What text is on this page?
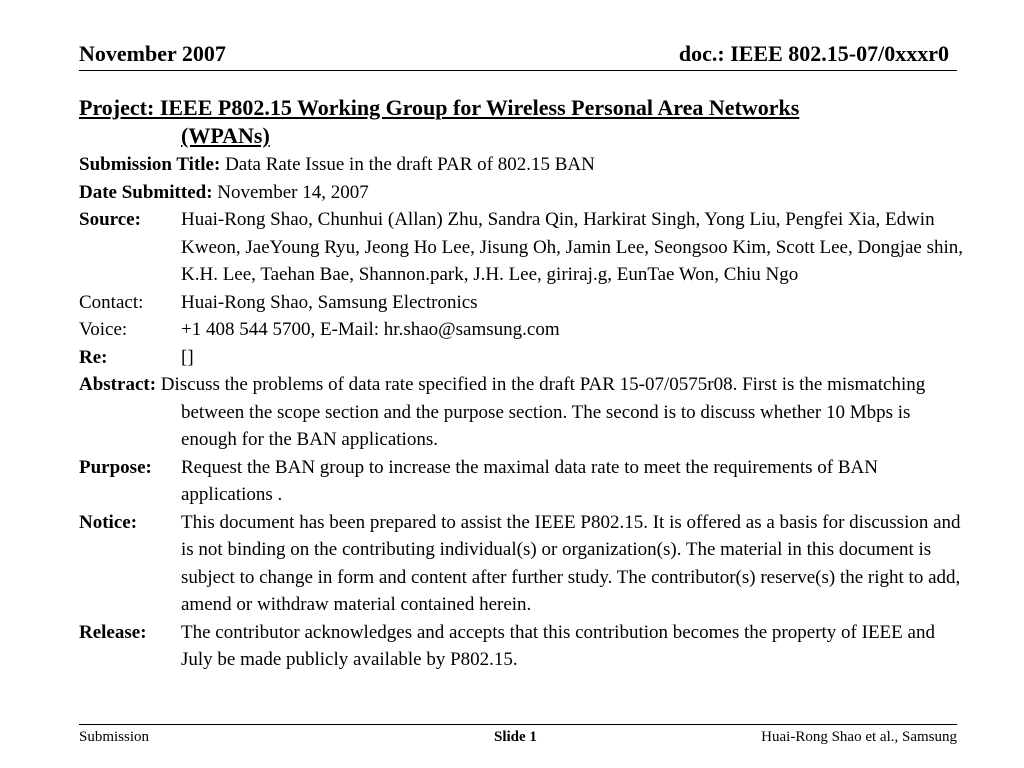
November 2007	doc.: IEEE 802.15-07/0xxxr0
Project: IEEE P802.15 Working Group for Wireless Personal Area Networks
(WPANs)
Submission Title: Data Rate Issue in the draft PAR of 802.15 BAN
Date Submitted: November 14, 2007
Source:	Huai-Rong Shao, Chunhui (Allan) Zhu, Sandra Qin, Harkirat Singh, Yong Liu, Pengfei Xia, Edwin Kweon, JaeYoung Ryu, Jeong Ho Lee, Jisung Oh, Jamin Lee, Seongsoo Kim, Scott Lee, Dongjae shin, K.H. Lee, Taehan Bae, Shannon.park, J.H. Lee, giriraj.g, EunTae Won, Chiu Ngo
Contact:	Huai-Rong Shao, Samsung Electronics
Voice:	+1 408 544 5700, E-Mail: hr.shao@samsung.com
Re:	[]
Abstract: Discuss the problems of data rate specified in the draft PAR 15-07/0575r08. First is the mismatching between the scope section and the purpose section. The second is to discuss whether 10 Mbps is enough for the BAN applications.
Purpose:	Request the BAN group to increase the maximal data rate to meet the requirements of BAN applications .
Notice:	This document has been prepared to assist the IEEE P802.15. It is offered as a basis for discussion and is not binding on the contributing individual(s) or organization(s). The material in this document is subject to change in form and content after further study. The contributor(s) reserve(s) the right to add, amend or withdraw material contained herein.
Release:	The contributor acknowledges and accepts that this contribution becomes the property of IEEE and July be made publicly available by P802.15.
Submission	Slide 1	Huai-Rong Shao et al., Samsung
